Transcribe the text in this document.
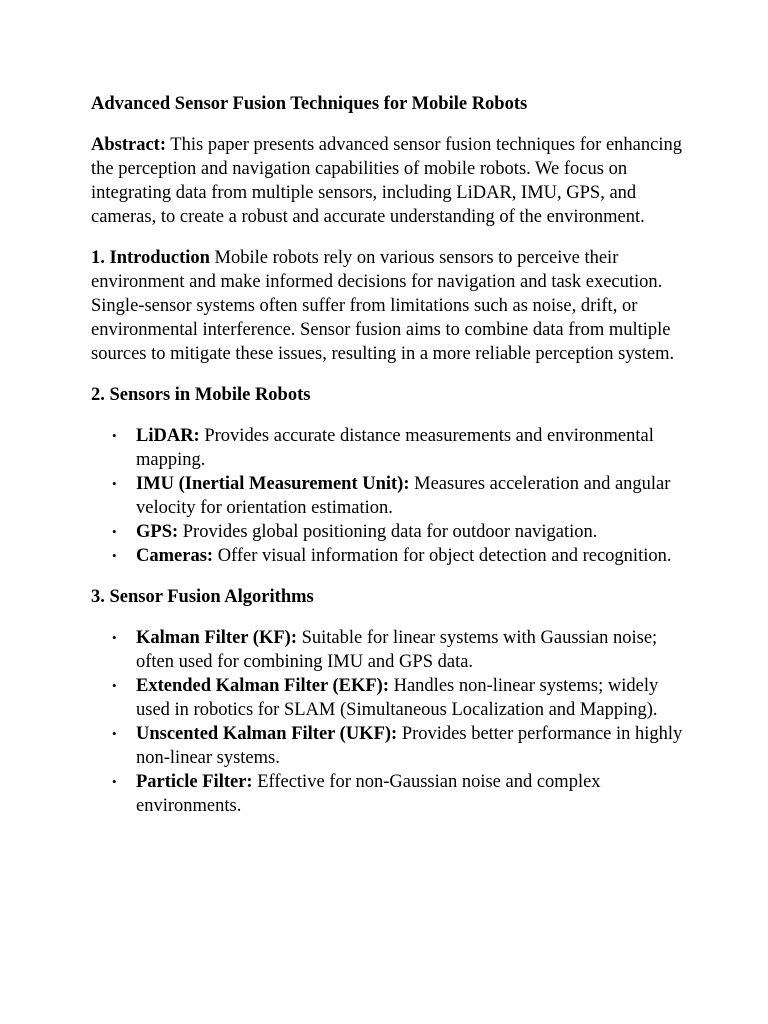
Advanced Sensor Fusion Techniques for Mobile Robots

Abstract: This paper presents advanced sensor fusion techniques for enhancing the perception and navigation capabilities of mobile robots. We focus on integrating data from multiple sensors, including LiDAR, IMU, GPS, and cameras, to create a robust and accurate understanding of the environment.

1. Introduction Mobile robots rely on various sensors to perceive their environment and make informed decisions for navigation and task execution. Single-sensor systems often suffer from limitations such as noise, drift, or environmental interference. Sensor fusion aims to combine data from multiple sources to mitigate these issues, resulting in a more reliable perception system.

2. Sensors in Mobile Robots
• LiDAR: Provides accurate distance measurements and environmental mapping.
• IMU (Inertial Measurement Unit): Measures acceleration and angular velocity for orientation estimation.
• GPS: Provides global positioning data for outdoor navigation.
• Cameras: Offer visual information for object detection and recognition.
3. Sensor Fusion Algorithms
• Kalman Filter (KF): Suitable for linear systems with Gaussian noise; often used for combining IMU and GPS data.
• Extended Kalman Filter (EKF): Handles non-linear systems; widely used in robotics for SLAM (Simultaneous Localization and Mapping).
• Unscented Kalman Filter (UKF): Provides better performance in highly non-linear systems.
• Particle Filter: Effective for non-Gaussian noise and complex environments.
